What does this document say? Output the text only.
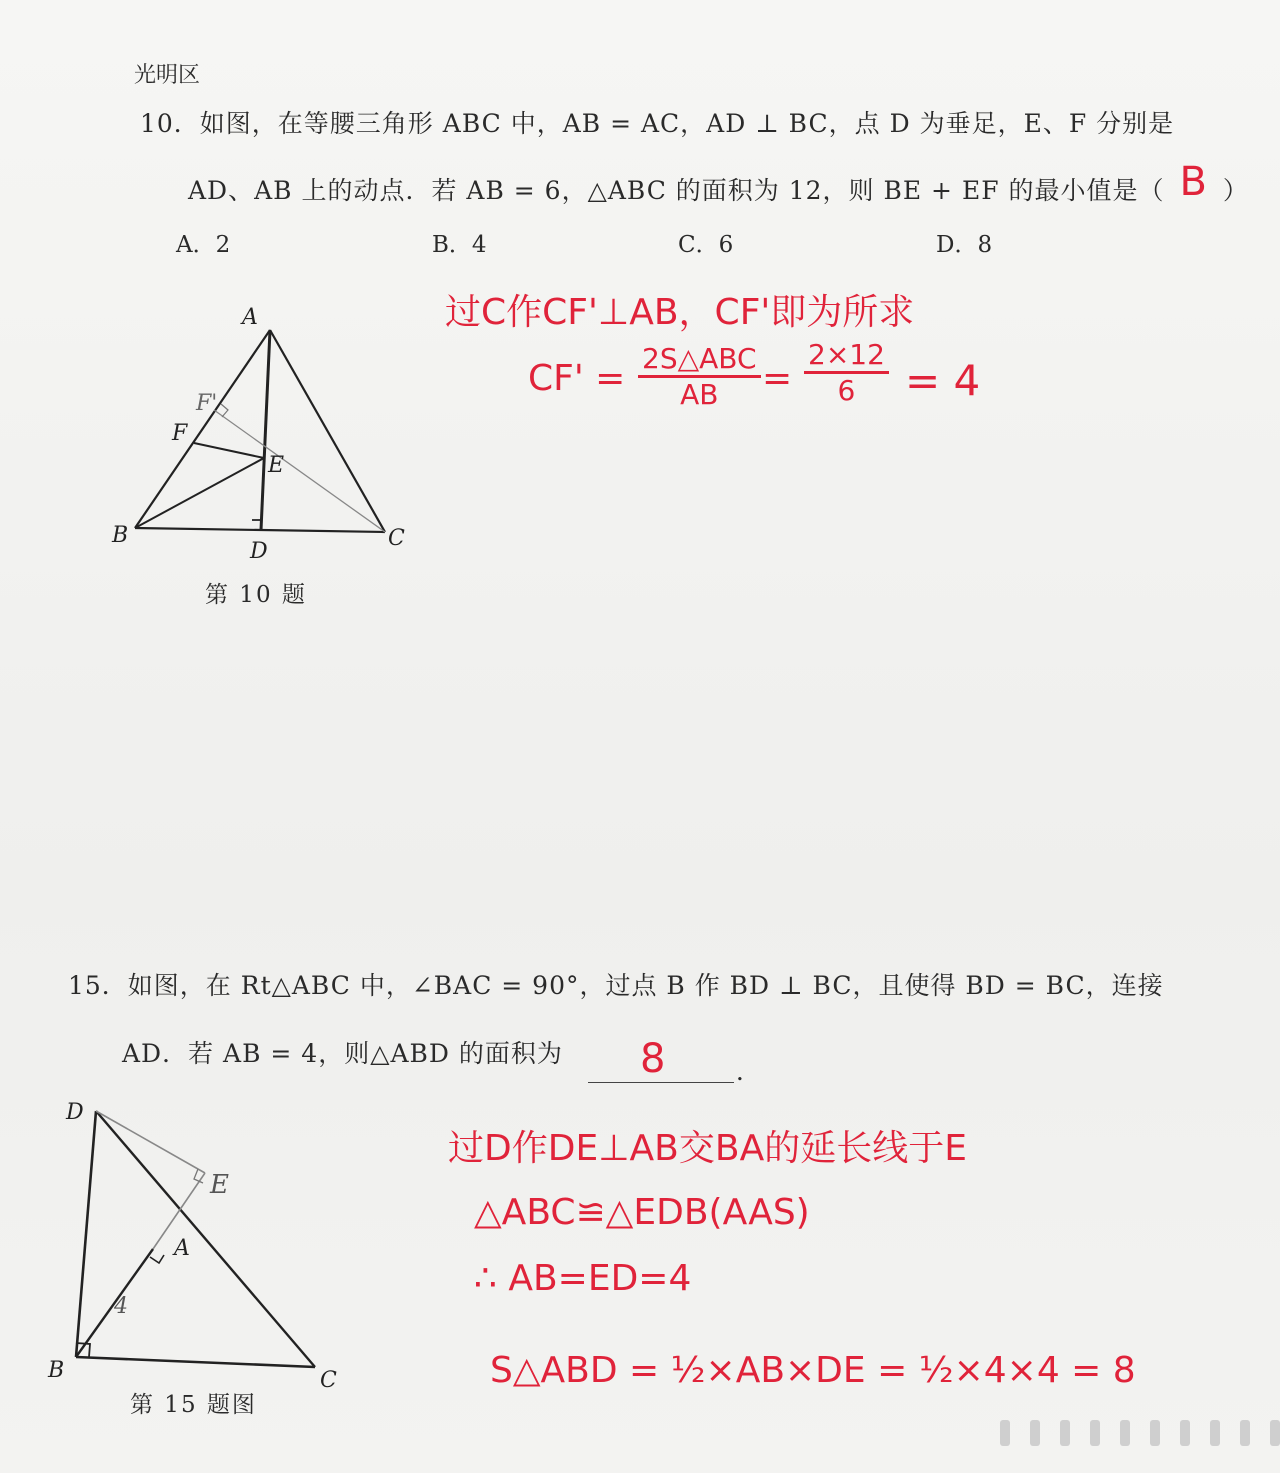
光明区
10．如图，在等腰三角形 ABC 中，AB = AC，AD ⊥ BC，点 D 为垂足，E、F 分别是
AD、AB 上的动点．若 AB = 6，△ABC 的面积为 12，则 BE + EF 的最小值是（ B ）
A．2	B．4	C．6	D．8
A
B	C
D
E
F
F'
第 10 题
过C作CF'⊥AB，CF'即为所求
CF' = 2S△ABC
AB	= $\frac{2\times 12}{6} = 4$
15．如图，在 Rt△ABC 中，∠BAC = 90°，过点 B 作 BD ⊥ BC，且使得 BD = BC，连接
AD．若 AB = 4，则△ABD 的面积为 8	．
D
B	C
A
E
4
第 15 题图
过D作DE⊥AB交BA的延长线于E
△ABC≌△EDB(AAS)
∴ AB=ED=4
S△ABD = ½×AB×DE = ½×4×4 = 8
